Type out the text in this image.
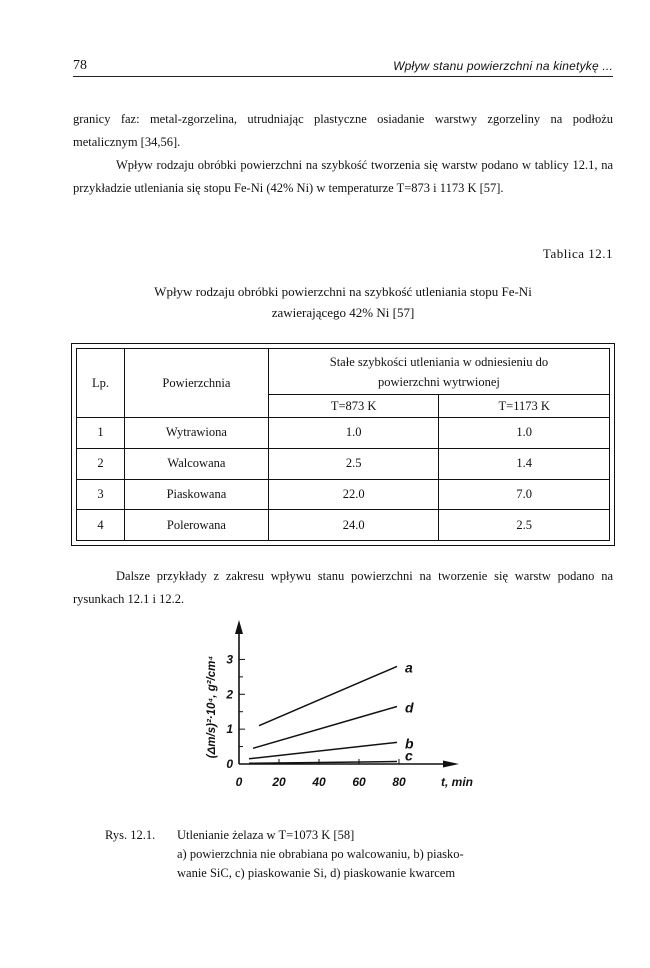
78	Wpływ stanu powierzchni na kinetykę ...

granicy faz: metal-zgorzelina, utrudniając plastyczne osiadanie warstwy zgorzeliny na podłożu metalicznym [34,56].

Wpływ rodzaju obróbki powierzchni na szybkość tworzenia się warstw podano w tablicy 12.1, na przykładzie utleniania się stopu Fe-Ni (42% Ni) w temperaturze T=873 i 1173 K [57].

Tablica 12.1
Wpływ rodzaju obróbki powierzchni na szybkość utleniania stopu Fe-Ni
zawierającego 42% Ni [57]
Lp.	Powierzchnia	Stałe szybkości utleniania w odniesieniu do powierzchni wytrwionej	
		T=873 K	T=1173 K
1	Wytrawiona	1.0	1.0
2	Walcowana	2.5	1.4
3	Piaskowana	22.0	7.0
4	Polerowana	24.0	2.5

Dalsze przykłady z zakresu wpływu stanu powierzchni na tworzenie się warstw podano na rysunkach 12.1 i 12.2.

0
1
2
3
0 20 40 60 80	t, min
(Δm/s)²·10⁴, g²/cm⁴	a
d
b
c

Rys. 12.1. Utlenianie żelaza w T=1073 K [58]

a) powierzchnia nie obrabiana po walcowaniu, b) piasko-

wanie SiC, c) piaskowanie Si, d) piaskowanie kwarcem
